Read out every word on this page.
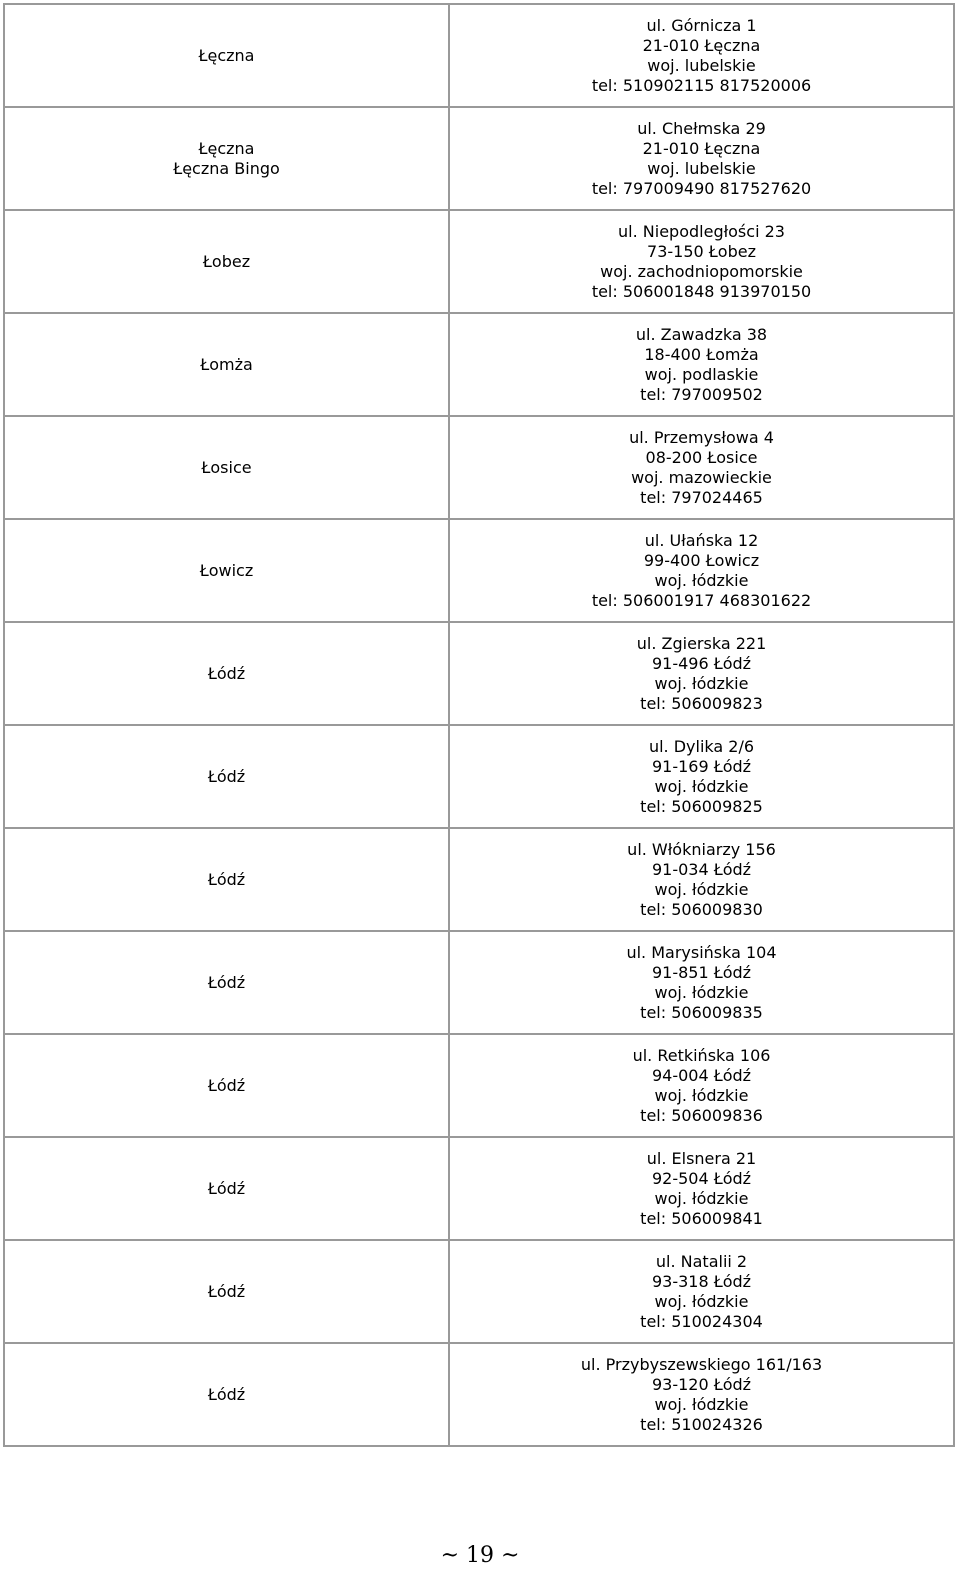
Łęczna	ul. Górnicza 1
21-010 Łęczna
woj. lubelskie
tel: 510902115 817520006

Łęczna
Łęczna Bingo	ul. Chełmska 29
21-010 Łęczna
woj. lubelskie
tel: 797009490 817527620

Łobez	ul. Niepodległości 23
73-150 Łobez
woj. zachodniopomorskie
tel: 506001848 913970150

Łomża	ul. Zawadzka 38
18-400 Łomża
woj. podlaskie
tel: 797009502

Łosice	ul. Przemysłowa 4
08-200 Łosice
woj. mazowieckie
tel: 797024465

Łowicz	ul. Ułańska 12
99-400 Łowicz
woj. łódzkie
tel: 506001917 468301622

Łódź	ul. Zgierska 221
91-496 Łódź
woj. łódzkie
tel: 506009823

Łódź	ul. Dylika 2/6
91-169 Łódź
woj. łódzkie
tel: 506009825

Łódź	ul. Włókniarzy 156
91-034 Łódź
woj. łódzkie
tel: 506009830

Łódź	ul. Marysińska 104
91-851 Łódź
woj. łódzkie
tel: 506009835

Łódź	ul. Retkińska 106
94-004 Łódź
woj. łódzkie
tel: 506009836

Łódź	ul. Elsnera 21
92-504 Łódź
woj. łódzkie
tel: 506009841

Łódź	ul. Natalii 2
93-318 Łódź
woj. łódzkie
tel: 510024304

Łódź	ul. Przybyszewskiego 161/163
93-120 Łódź
woj. łódzkie
tel: 510024326
~ 19 ~
